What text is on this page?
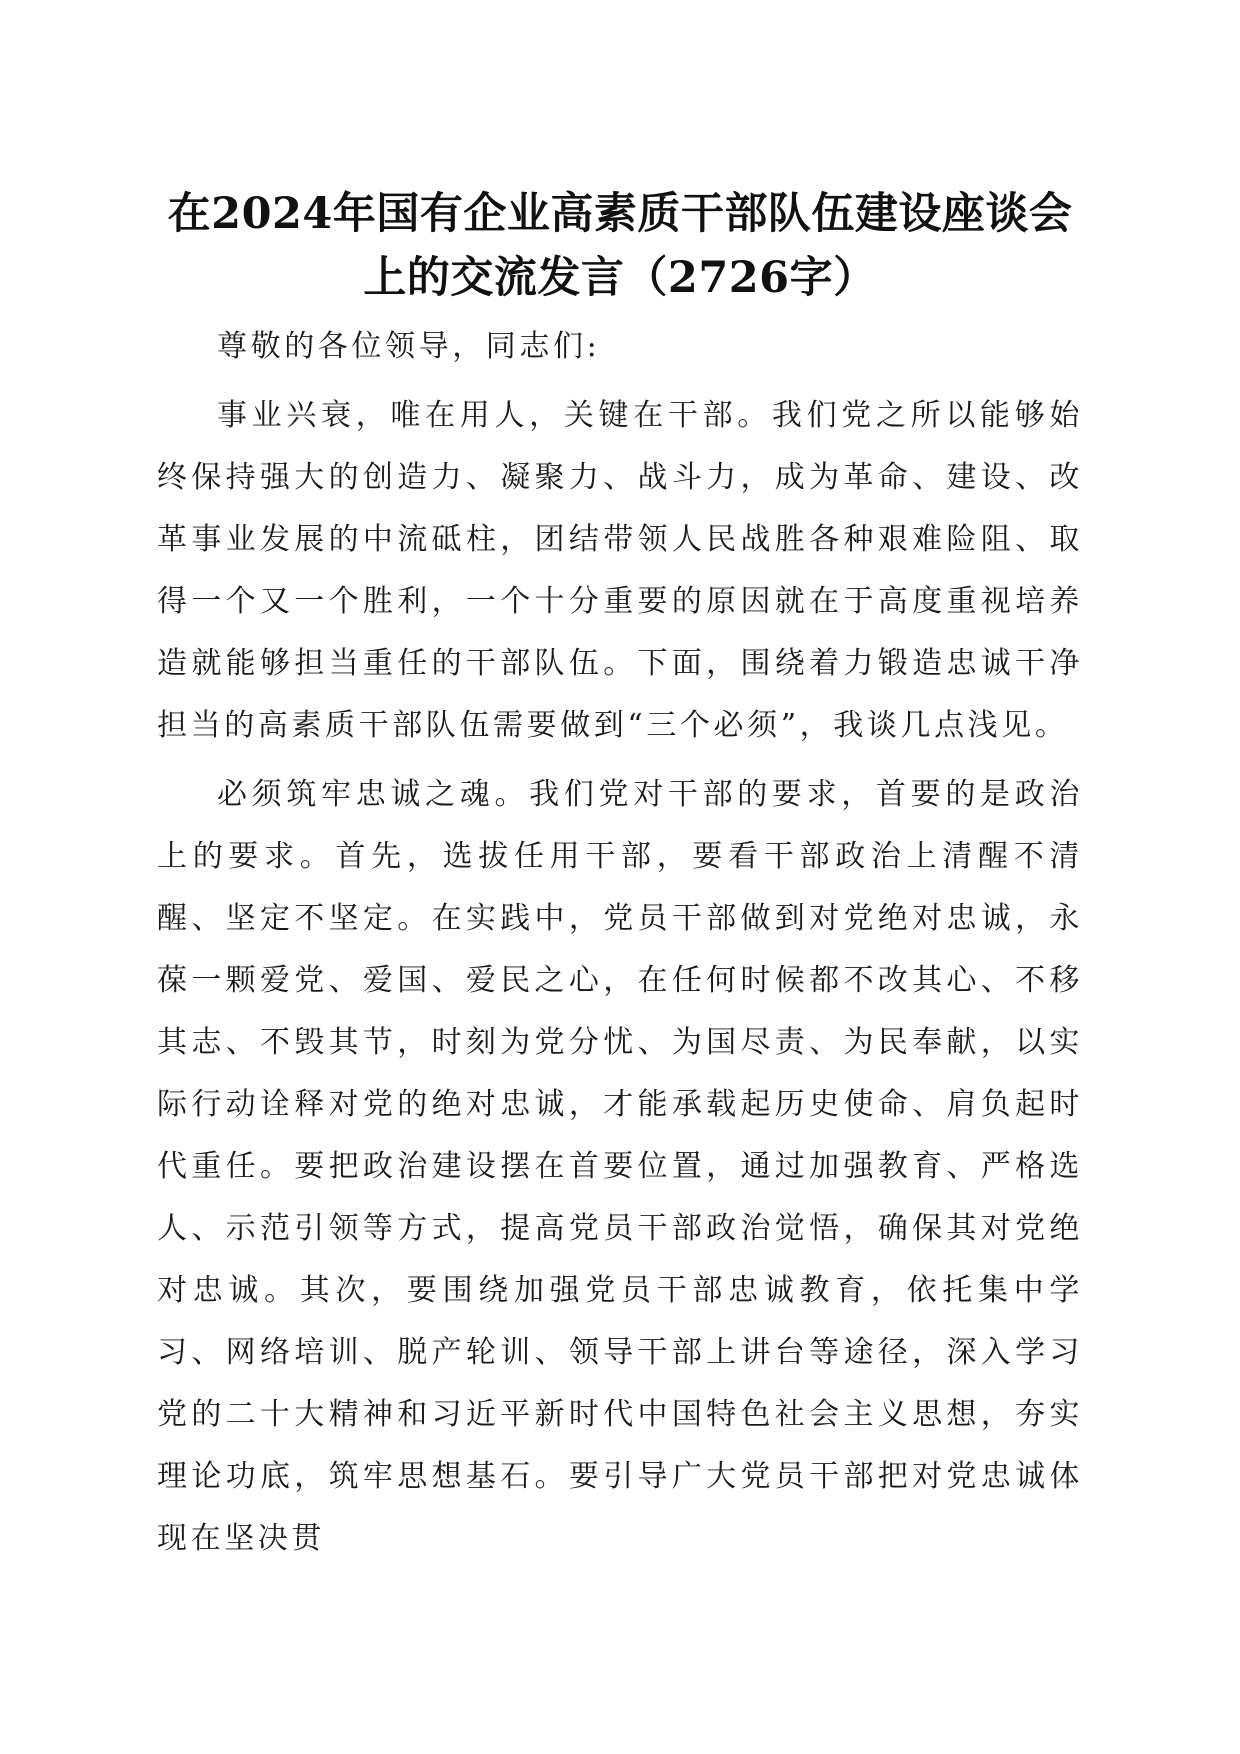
在2024年国有企业高素质干部队伍建设座谈会上的交流发言（2726字）

尊敬的各位领导，同志们:

事业兴衰，唯在用人，关键在干部。我们党之所以能够始终保持强大的创造力、凝聚力、战斗力，成为革命、建设、改革事业发展的中流砥柱，团结带领人民战胜各种艰难险阻、取得一个又一个胜利，一个十分重要的原因就在于高度重视培养造就能够担当重任的干部队伍。下面，围绕着力锻造忠诚干净担当的高素质干部队伍需要做到“三个必须”，我谈几点浅见。

必须筑牢忠诚之魂。我们党对干部的要求，首要的是政治上的要求。首先，选拔任用干部，要看干部政治上清醒不清醒、坚定不坚定。在实践中，党员干部做到对党绝对忠诚，永葆一颗爱党、爱国、爱民之心，在任何时候都不改其心、不移其志、不毁其节，时刻为党分忧、为国尽责、为民奉献，以实际行动诠释对党的绝对忠诚，才能承载起历史使命、肩负起时代重任。要把政治建设摆在首要位置，通过加强教育、严格选人、示范引领等方式，提高党员干部政治觉悟，确保其对党绝对忠诚。其次，要围绕加强党员干部忠诚教育，依托集中学习、网络培训、脱产轮训、领导干部上讲台等途径，深入学习党的二十大精神和习近平新时代中国特色社会主义思想，夯实理论功底，筑牢思想基石。要引导广大党员干部把对党忠诚体现在坚决贯
